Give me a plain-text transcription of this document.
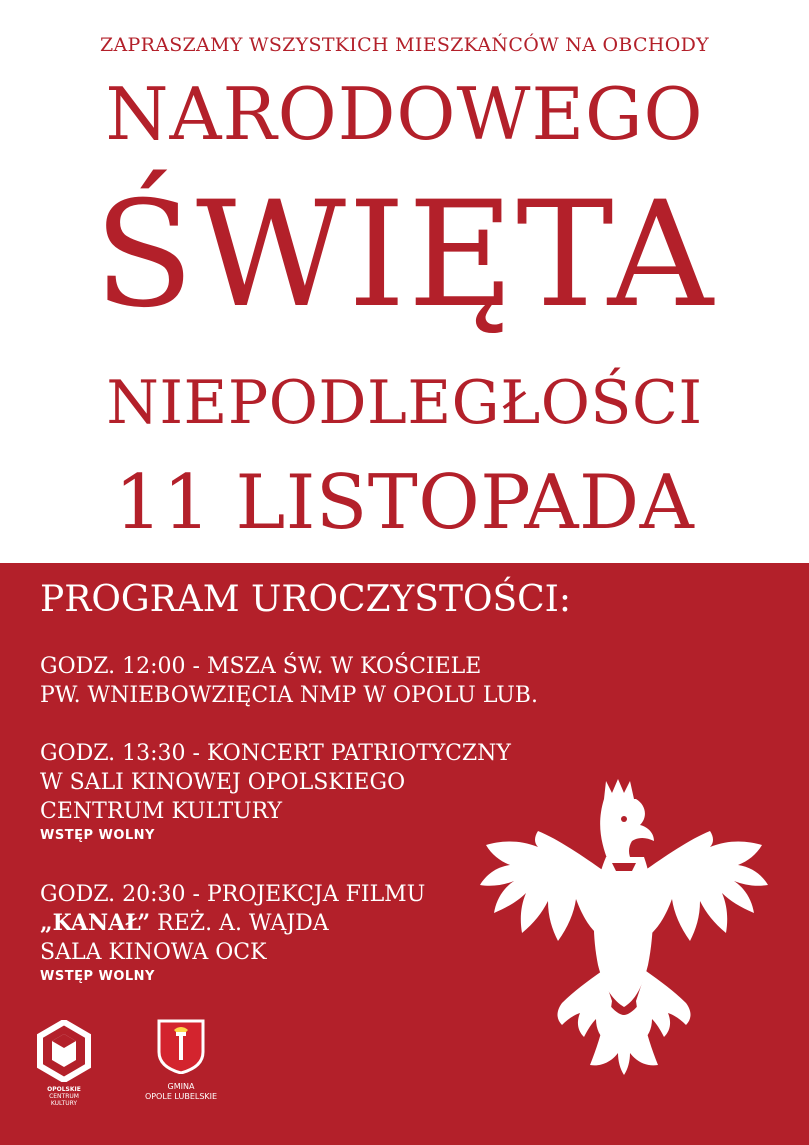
ZAPRASZAMY WSZYSTKICH MIESZKAŃCÓW NA OBCHODY

NARODOWEGO
ŚWIĘTA
NIEPODLEGŁOŚCI
11 LISTOPADA
PROGRAM UROCZYSTOŚCI:
GODZ. 12:00 - MSZA ŚW. W KOŚCIELE
PW. WNIEBOWZIĘCIA NMP W OPOLU LUB.
GODZ. 13:30 - KONCERT PATRIOTYCZNY
W SALI KINOWEJ OPOLSKIEGO
CENTRUM KULTURY
WSTĘP WOLNY
GODZ. 20:30 - PROJEKCJA FILMU
„KANAŁ” REŻ. A. WAJDA
SALA KINOWA OCK
WSTĘP WOLNY
OPOLSKIE
CENTRUM
KULTURY
GMINA
OPOLE LUBELSKIE
